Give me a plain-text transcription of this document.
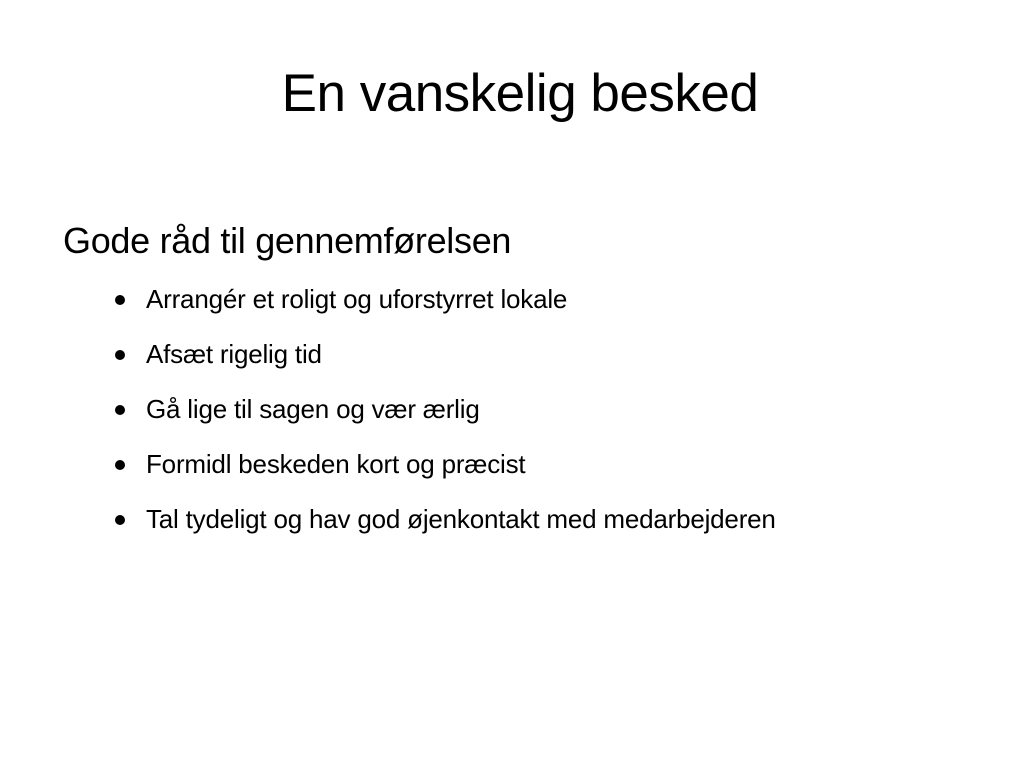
En vanskelig besked
Gode råd til gennemførelsen
Arrangér et roligt og uforstyrret lokale
Afsæt rigelig tid
Gå lige til sagen og vær ærlig
Formidl beskeden kort og præcist
Tal tydeligt og hav god øjenkontakt med medarbejderen
